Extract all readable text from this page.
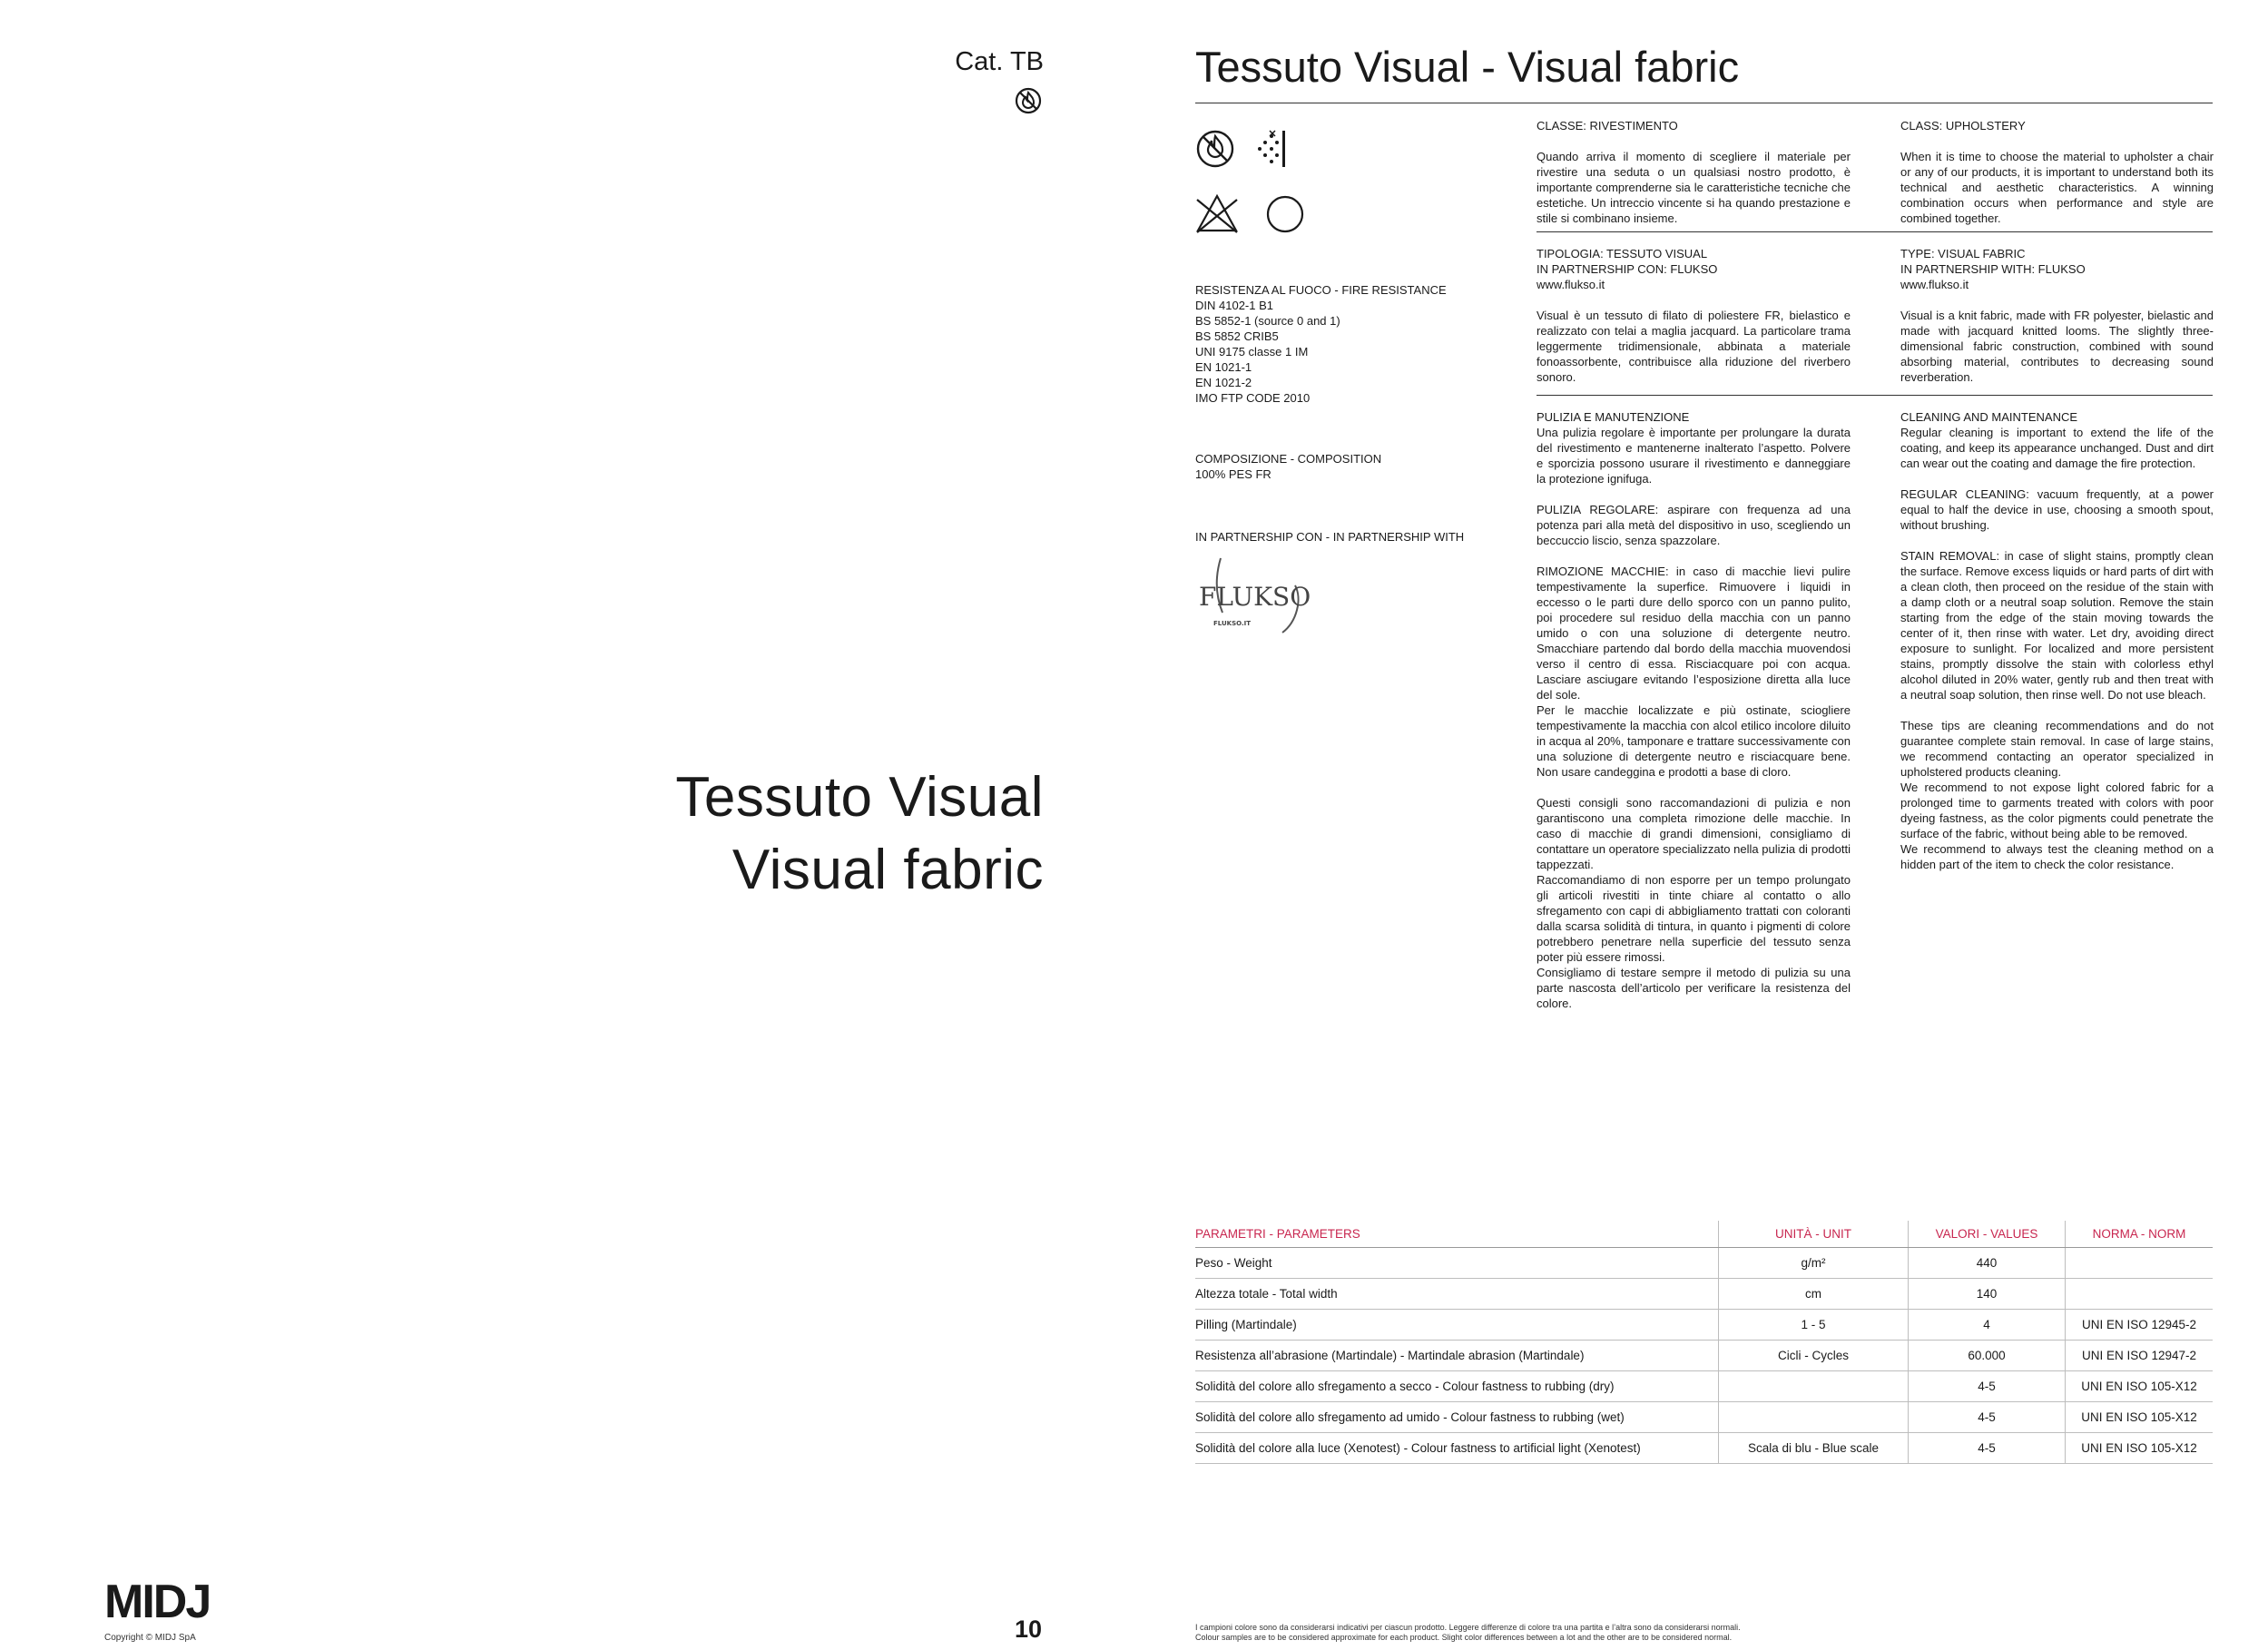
Cat. TB
Tessuto Visual
Visual fabric
MIDJ
Copyright © MIDJ SpA	10
Tessuto Visual - Visual fabric
RESISTENZA AL FUOCO - FIRE RESISTANCE
DIN 4102-1 B1
BS 5852-1 (source 0 and 1)
BS 5852 CRIB5
UNI 9175 classe 1 IM
EN 1021-1
EN 1021-2
IMO FTP CODE 2010
COMPOSIZIONE - COMPOSITION
100% PES FR
IN PARTNERSHIP CON - IN PARTNERSHIP WITH
FLUKSO
FLUKSO.IT
CLASSE: RIVESTIMENTO
Quando arriva il momento di scegliere il materiale per rivestire una seduta o un qualsiasi nostro prodotto, è importante comprenderne sia le caratteristiche tecniche che estetiche. Un intreccio vincente si ha quando prestazione e stile si combinano insieme.
CLASS: UPHOLSTERY
When it is time to choose the material to upholster a chair or any of our products, it is important to understand both its technical and aesthetic characteristics. A winning combination occurs when performance and style are combined together.
TIPOLOGIA: TESSUTO VISUAL
IN PARTNERSHIP CON: FLUKSO
www.flukso.it
Visual è un tessuto di filato di poliestere FR, bielastico e realizzato con telai a maglia jacquard. La particolare trama leggermente tridimensionale, abbinata a materiale fonoassorbente, contribuisce alla riduzione del riverbero sonoro.
TYPE: VISUAL FABRIC
IN PARTNERSHIP WITH: FLUKSO
www.flukso.it
Visual is a knit fabric, made with FR polyester, bielastic and made with jacquard knitted looms. The slightly three-dimensional fabric construction, combined with sound absorbing material, contributes to decreasing sound reverberation.
PULIZIA E MANUTENZIONE
Una pulizia regolare è importante per prolungare la durata del rivestimento e mantenerne inalterato l’aspetto. Polvere e sporcizia possono usurare il rivestimento e danneggiare la protezione ignifuga.
PULIZIA REGOLARE: aspirare con frequenza ad una potenza pari alla metà del dispositivo in uso, scegliendo un beccuccio liscio, senza spazzolare.
RIMOZIONE MACCHIE: in caso di macchie lievi pulire tempestivamente la superfice. Rimuovere i liquidi in eccesso o le parti dure dello sporco con un panno pulito, poi procedere sul residuo della macchia con un panno umido o con una soluzione di detergente neutro. Smacchiare partendo dal bordo della macchia muovendosi verso il centro di essa. Risciacquare poi con acqua. Lasciare asciugare evitando l’esposizione diretta alla luce del sole.
Per le macchie localizzate e più ostinate, sciogliere tempestivamente la macchia con alcol etilico incolore diluito in acqua al 20%, tamponare e trattare successivamente con una soluzione di detergente neutro e risciacquare bene. Non usare candeggina e prodotti a base di cloro.
Questi consigli sono raccomandazioni di pulizia e non garantiscono una completa rimozione delle macchie. In caso di macchie di grandi dimensioni, consigliamo di contattare un operatore specializzato nella pulizia di prodotti tappezzati.
Raccomandiamo di non esporre per un tempo prolungato gli articoli rivestiti in tinte chiare al contatto o allo sfregamento con capi di abbigliamento trattati con coloranti dalla scarsa solidità di tintura, in quanto i pigmenti di colore potrebbero penetrare nella superficie del tessuto senza poter più essere rimossi.
Consigliamo di testare sempre il metodo di pulizia su una parte nascosta dell’articolo per verificare la resistenza del colore.
CLEANING AND MAINTENANCE
Regular cleaning is important to extend the life of the coating, and keep its appearance unchanged. Dust and dirt can wear out the coating and damage the fire protection.
REGULAR CLEANING: vacuum frequently, at a power equal to half the device in use, choosing a smooth spout, without brushing.
STAIN REMOVAL: in case of slight stains, promptly clean the surface. Remove excess liquids or hard parts of dirt with a clean cloth, then proceed on the residue of the stain with a damp cloth or a neutral soap solution. Remove the stain starting from the edge of the stain moving towards the center of it, then rinse with water. Let dry, avoiding direct exposure to sunlight. For localized and more persistent stains, promptly dissolve the stain with colorless ethyl alcohol diluted in 20% water, gently rub and then treat with a neutral soap solution, then rinse well. Do not use bleach.
These tips are cleaning recommendations and do not guarantee complete stain removal. In case of large stains, we recommend contacting an operator specialized in upholstered products cleaning.
We recommend to not expose light colored fabric for a prolonged time to garments treated with colors with poor dyeing fastness, as the color pigments could penetrate the surface of the fabric, without being able to be removed.
We recommend to always test the cleaning method on a hidden part of the item to check the color resistance.
PARAMETRI - PARAMETERS	UNITÀ - UNIT	VALORI - VALUES	NORMA - NORM
Peso - Weight	g/m²	440	
Altezza totale - Total width	cm	140	
Pilling (Martindale)	1 - 5	4	UNI EN ISO 12945-2
Resistenza all’abrasione (Martindale) - Martindale abrasion (Martindale)	Cicli - Cycles	60.000	UNI EN ISO 12947-2
Solidità del colore allo sfregamento a secco - Colour fastness to rubbing (dry)		4-5	UNI EN ISO 105-X12
Solidità del colore allo sfregamento ad umido - Colour fastness to rubbing (wet)		4-5	UNI EN ISO 105-X12
Solidità del colore alla luce (Xenotest) - Colour fastness to artificial light (Xenotest)	Scala di blu - Blue scale	4-5	UNI EN ISO 105-X12
I campioni colore sono da considerarsi indicativi per ciascun prodotto. Leggere differenze di colore tra una partita e l’altra sono da considerarsi normali.
Colour samples are to be considered approximate for each product. Slight color differences between a lot and the other are to be considered normal.
